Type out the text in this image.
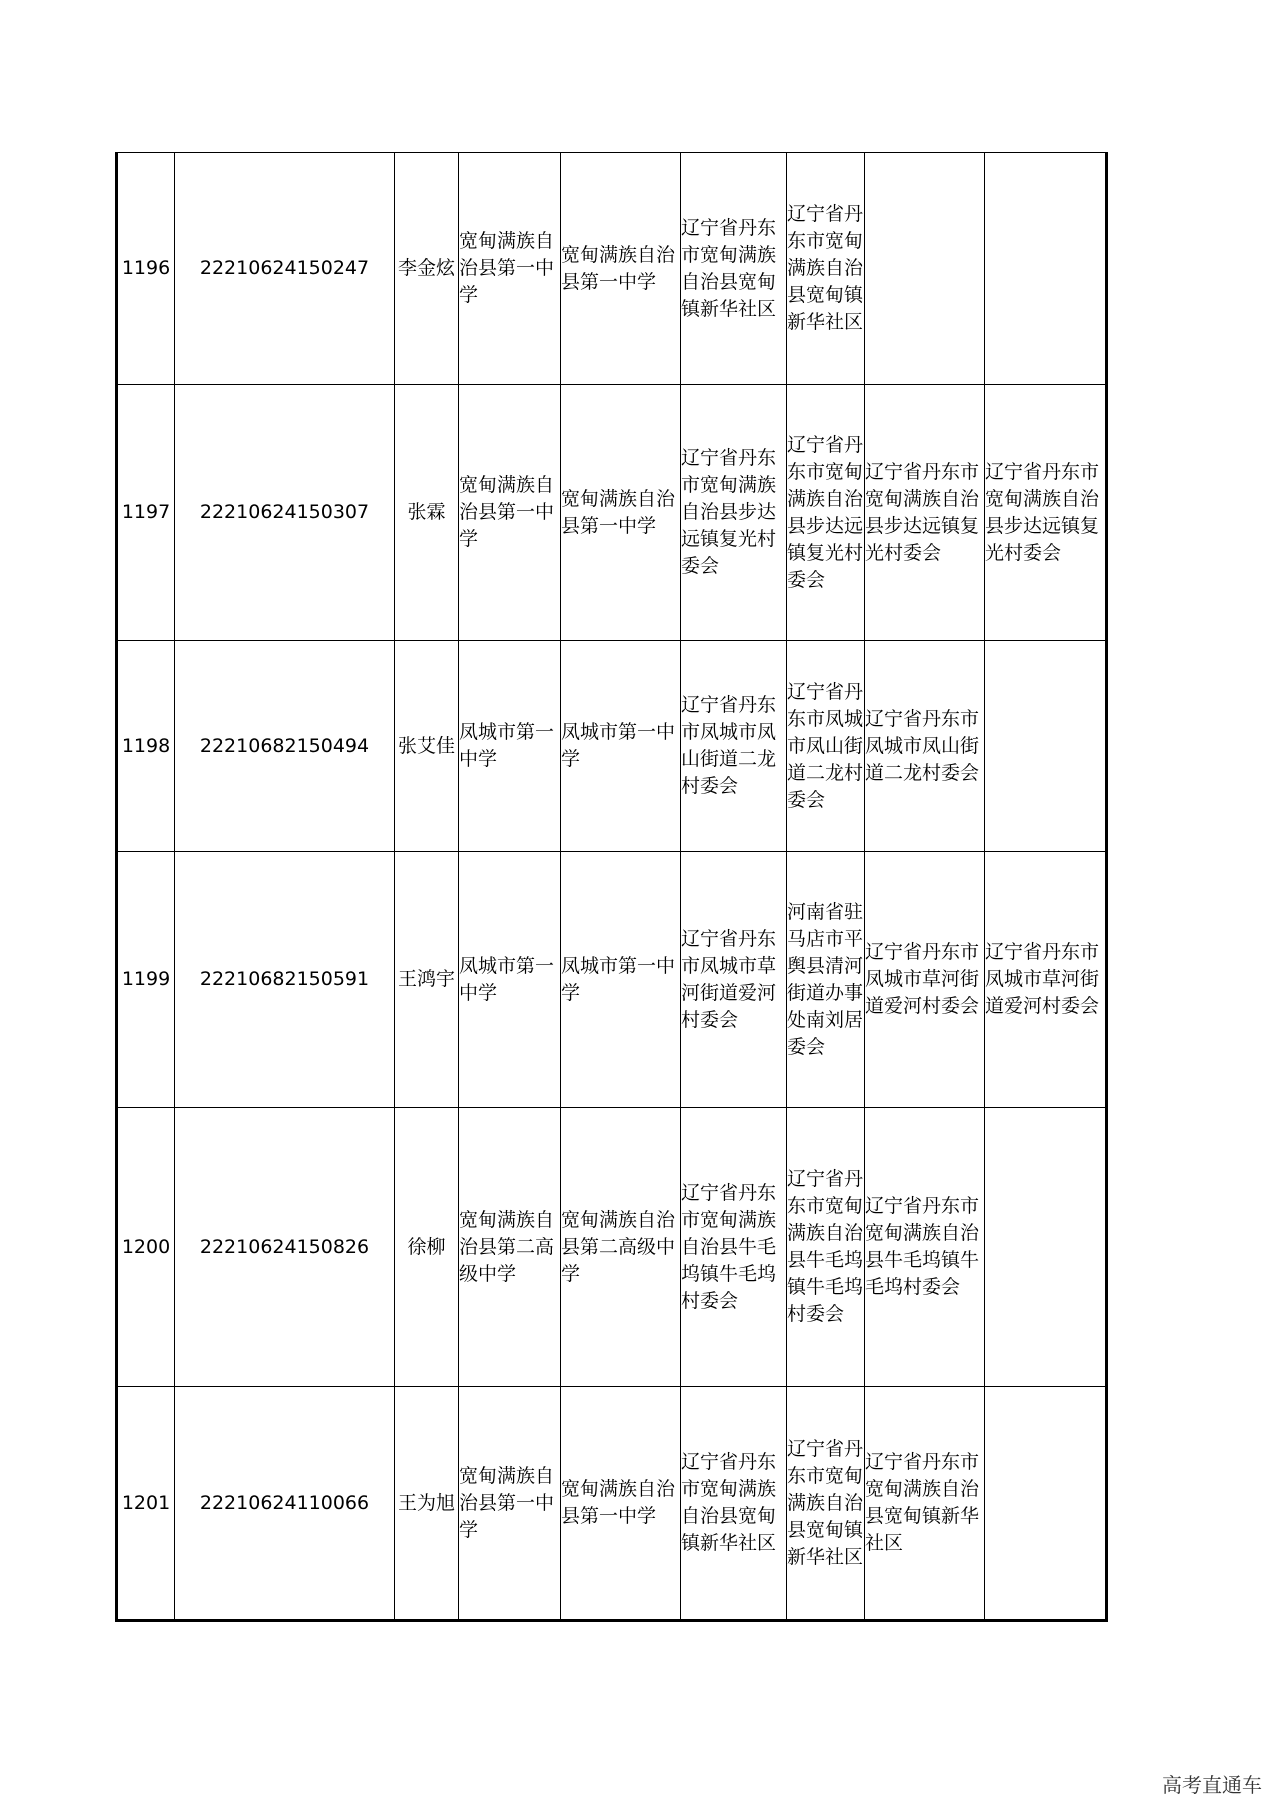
1196	22210624150247	李金炫	宽甸满族自治县第一中学	宽甸满族自治县第一中学	辽宁省丹东市宽甸满族自治县宽甸镇新华社区	辽宁省丹东市宽甸满族自治县宽甸镇新华社区		
1197	22210624150307	张霖	宽甸满族自治县第一中学	宽甸满族自治县第一中学	辽宁省丹东市宽甸满族自治县步达远镇复光村委会	辽宁省丹东市宽甸满族自治县步达远镇复光村委会	辽宁省丹东市宽甸满族自治县步达远镇复光村委会	辽宁省丹东市宽甸满族自治县步达远镇复光村委会
1198	22210682150494	张艾佳	凤城市第一中学	凤城市第一中学	辽宁省丹东市凤城市凤山街道二龙村委会	辽宁省丹东市凤城市凤山街道二龙村委会	辽宁省丹东市凤城市凤山街道二龙村委会	
1199	22210682150591	王鸿宇	凤城市第一中学	凤城市第一中学	辽宁省丹东市凤城市草河街道爱河村委会	河南省驻马店市平舆县清河街道办事处南刘居委会	辽宁省丹东市凤城市草河街道爱河村委会	辽宁省丹东市凤城市草河街道爱河村委会
1200	22210624150826	徐柳	宽甸满族自治县第二高级中学	宽甸满族自治县第二高级中学	辽宁省丹东市宽甸满族自治县牛毛坞镇牛毛坞村委会	辽宁省丹东市宽甸满族自治县牛毛坞镇牛毛坞村委会	辽宁省丹东市宽甸满族自治县牛毛坞镇牛毛坞村委会	
1201	22210624110066	王为旭	宽甸满族自治县第一中学	宽甸满族自治县第一中学	辽宁省丹东市宽甸满族自治县宽甸镇新华社区	辽宁省丹东市宽甸满族自治县宽甸镇新华社区	辽宁省丹东市宽甸满族自治县宽甸镇新华社区	
高考直通车
